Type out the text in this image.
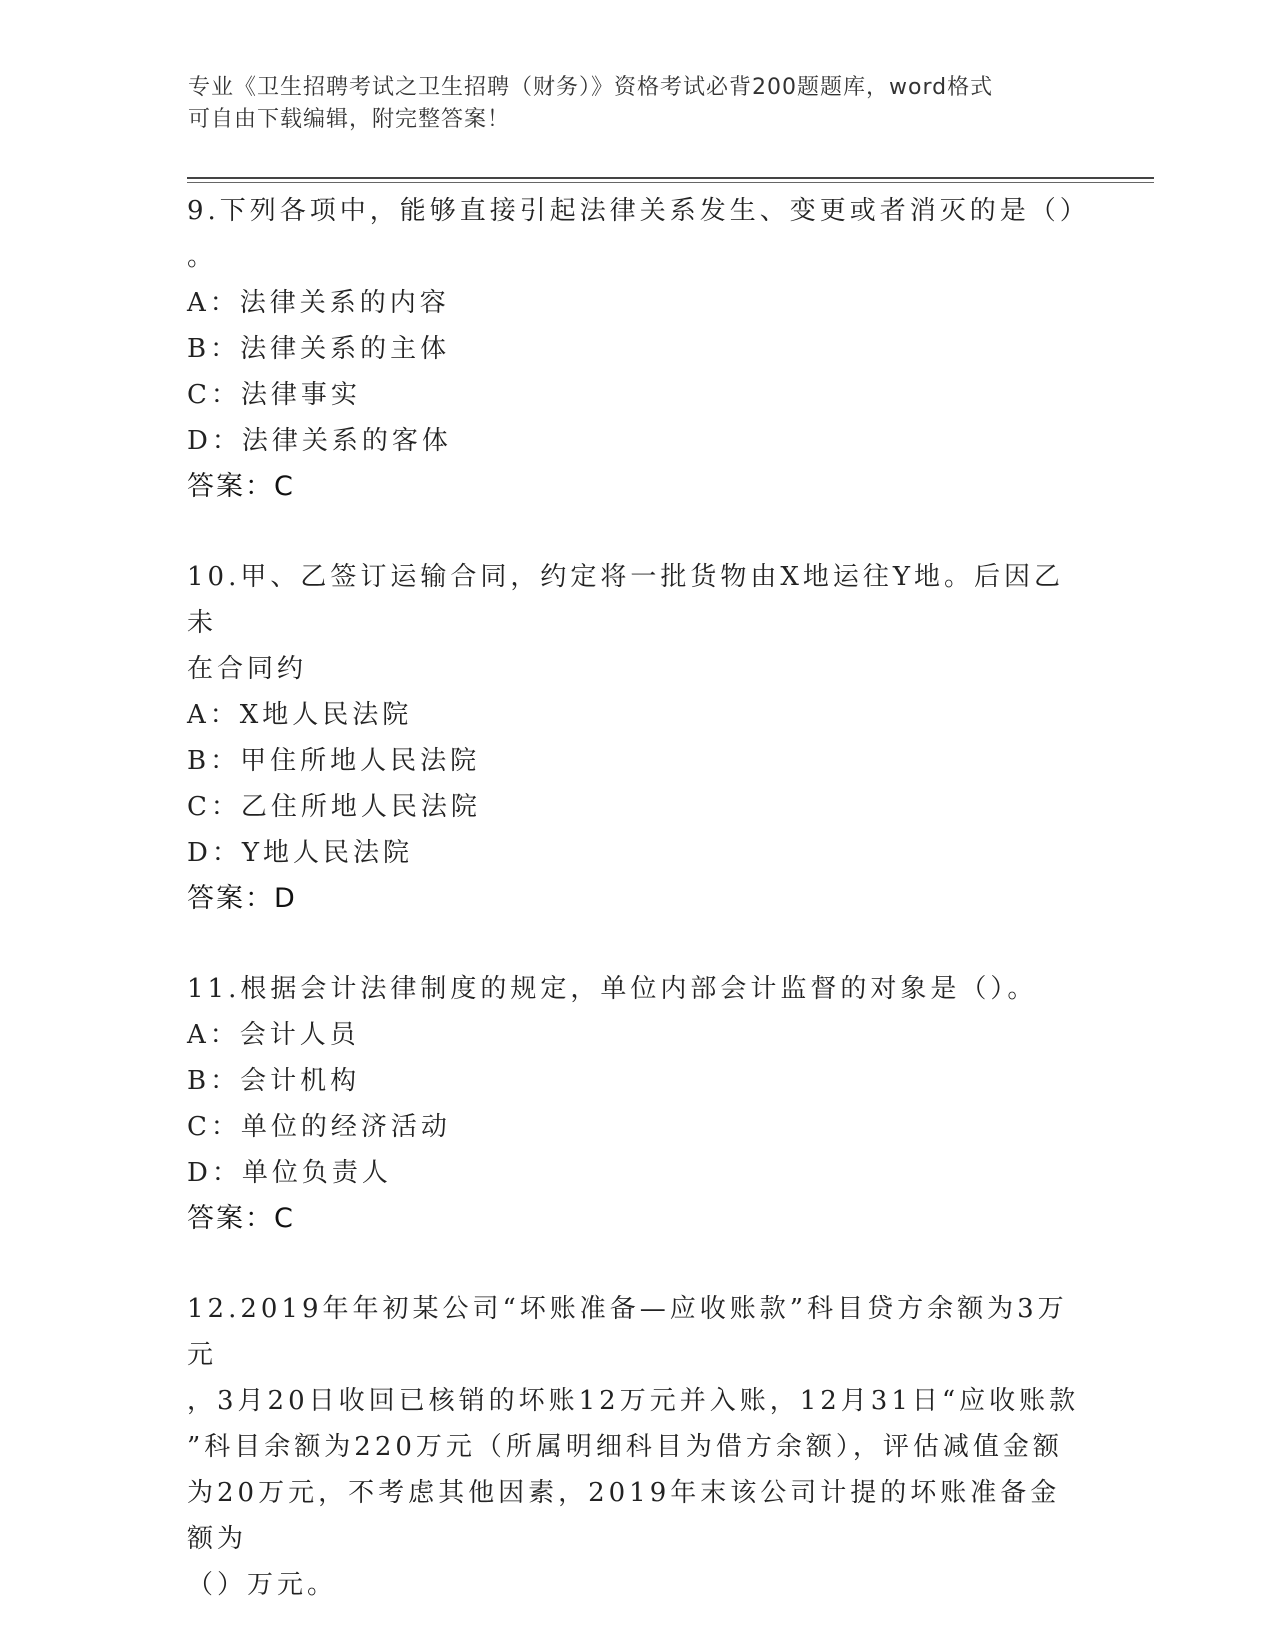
专业《卫生招聘考试之卫生招聘（财务）》资格考试必背200题题库，word格式
可自由下载编辑，附完整答案！

9.下列各项中，能够直接引起法律关系发生、变更或者消灭的是（）

。

A：法律关系的内容

B：法律关系的主体

C：法律事实

D：法律关系的客体

答案：C

10.甲、乙签订运输合同，约定将一批货物由X地运往Y地。后因乙未

在合同约

A：X地人民法院

B：甲住所地人民法院

C：乙住所地人民法院

D：Y地人民法院

答案：D

11.根据会计法律制度的规定，单位内部会计监督的对象是（）。

A：会计人员

B：会计机构

C：单位的经济活动

D：单位负责人

答案：C

12.2019年年初某公司“坏账准备—应收账款”科目贷方余额为3万元

，3月20日收回已核销的坏账12万元并入账，12月31日“应收账款

”科目余额为220万元（所属明细科目为借方余额），评估减值金额

为20万元，不考虑其他因素，2019年末该公司计提的坏账准备金额为

（）万元。
